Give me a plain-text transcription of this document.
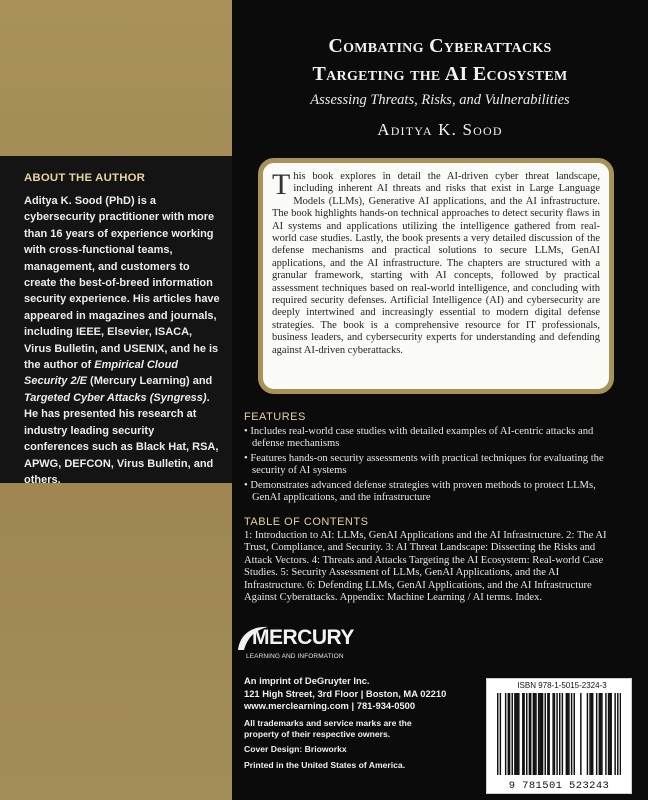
ABOUT THE AUTHOR

Aditya K. Sood (PhD) is a cybersecurity practitioner with more than 16 years of experience working with cross-functional teams, management, and customers to create the best-of-breed information security experience. His articles have appeared in magazines and journals, including IEEE, Elsevier, ISACA, Virus Bulletin, and USENIX, and he is the author of Empirical Cloud Security 2/E (Mercury Learning) and Targeted Cyber Attacks (Syngress). He has presented his research at industry leading security conferences such as Black Hat, RSA, APWG, DEFCON, Virus Bulletin, and others.

Combating Cyberattacks
Targeting the AI Ecosystem
Assessing Threats, Risks, and Vulnerabilities
Aditya K. Sood

This book explores in detail the AI-driven cyber threat landscape, including inherent AI threats and risks that exist in Large Language Models (LLMs), Generative AI applications, and the AI infrastructure. The book highlights hands-on technical approaches to detect security flaws in AI systems and applications utilizing the intelligence gathered from real-world case studies. Lastly, the book presents a very detailed discussion of the defense mechanisms and practical solutions to secure LLMs, GenAI applications, and the AI infrastructure. The chapters are structured with a granular framework, starting with AI concepts, followed by practical assessment techniques based on real-world intelligence, and concluding with required security defenses. Artificial Intelligence (AI) and cybersecurity are deeply intertwined and increasingly essential to modern digital defense strategies. The book is a comprehensive resource for IT professionals, business leaders, and cybersecurity experts for understanding and defending against AI-driven cyberattacks.

FEATURES
• Includes real-world case studies with detailed examples of AI-centric attacks and defense mechanisms
• Features hands-on security assessments with practical techniques for evaluating the security of AI systems
• Demonstrates advanced defense strategies with proven methods to protect LLMs, GenAI applications, and the infrastructure
TABLE OF CONTENTS

1: Introduction to AI: LLMs, GenAI Applications and the AI Infrastructure. 2: The AI Trust, Compliance, and Security. 3: AI Threat Landscape: Dissecting the Risks and Attack Vectors. 4: Threats and Attacks Targeting the AI Ecosystem: Real-world Case Studies. 5: Security Assessment of LLMs, GenAI Applications, and the AI Infrastructure. 6: Defending LLMs, GenAI Applications, and the AI Infrastructure Against Cyberattacks. Appendix: Machine Learning / AI terms. Index.

MERCURY
LEARNING AND INFORMATION
An imprint of DeGruyter Inc.
121 High Street, 3rd Floor | Boston, MA 02210
www.merclearning.com | 781-934-0500
All trademarks and service marks are the
property of their respective owners.
Cover Design: Brioworkx
Printed in the United States of America.
ISBN 978-1-5015-2324-3
9 781501 523243
